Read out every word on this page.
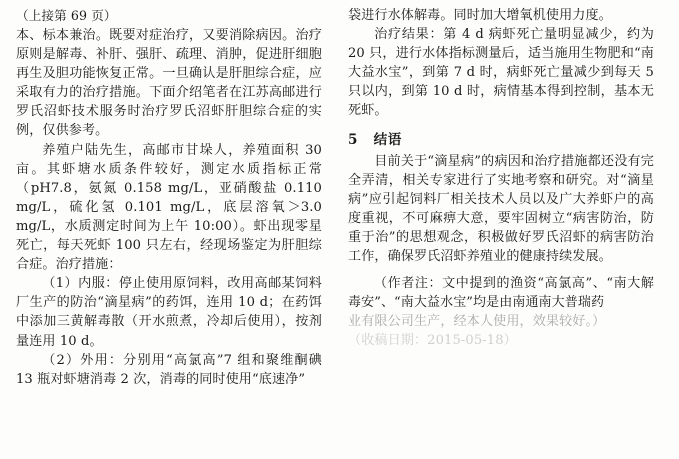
（上接第 69 页）

本、标本兼治。既要对症治疗，又要消除病因。治疗原则是解毒、补肝、强肝、疏理、消肿，促进肝细胞再生及胆功能恢复正常。一旦确认是肝胆综合症，应采取有力的治疗措施。下面介绍笔者在江苏高邮进行罗氏沼虾技术服务时治疗罗氏沼虾肝胆综合症的实例，仅供参考。

养殖户陆先生，高邮市甘垛人，养殖面积 30 亩。其虾塘水质条件较好，测定水质指标正常（pH7.8，氨氮 0.158 mg/L，亚硝酸盐 0.110 mg/L，硫化氢 0.101 mg/L，底层溶氧＞3.0 mg/L，水质测定时间为上午 10:00）。虾出现零星死亡，每天死虾 100 只左右，经现场鉴定为肝胆综合症。治疗措施：

（1）内服：停止使用原饲料，改用高邮某饲料厂生产的防治“滴星病”的药饵，连用 10 d；在药饵中添加三黄解毒散（开水煎煮，冷却后使用），按剂量连用 10 d。

（2）外用：分别用“高氯高”7 组和聚维酮碘 13 瓶对虾塘消毒 2 次，消毒的同时使用“底速净”

袋进行水体解毒。同时加大增氧机使用力度。

治疗结果：第 4 d 病虾死亡量明显减少，约为 20 只，进行水体指标测量后，适当施用生物肥和“南大益水宝”，到第 7 d 时，病虾死亡量减少到每天 5 只以内，到第 10 d 时，病情基本得到控制，基本无死虾。

5 结语

目前关于“滴星病”的病因和治疗措施都还没有完全弄清，相关专家进行了实地考察和研究。对“滴星病”应引起饲料厂相关技术人员以及广大养虾户的高度重视，不可麻痹大意，要牢固树立“病害防治，防重于治”的思想观念，积极做好罗氏沼虾的病害防治工作，确保罗氏沼虾养殖业的健康持续发展。

（作者注：文中提到的渔资“高氯高”、“南大解毒安”、“南大益水宝”均是由南通南大普瑞药

业有限公司生产，经本人使用，效果较好。）

（收稿日期：2015-05-18）
